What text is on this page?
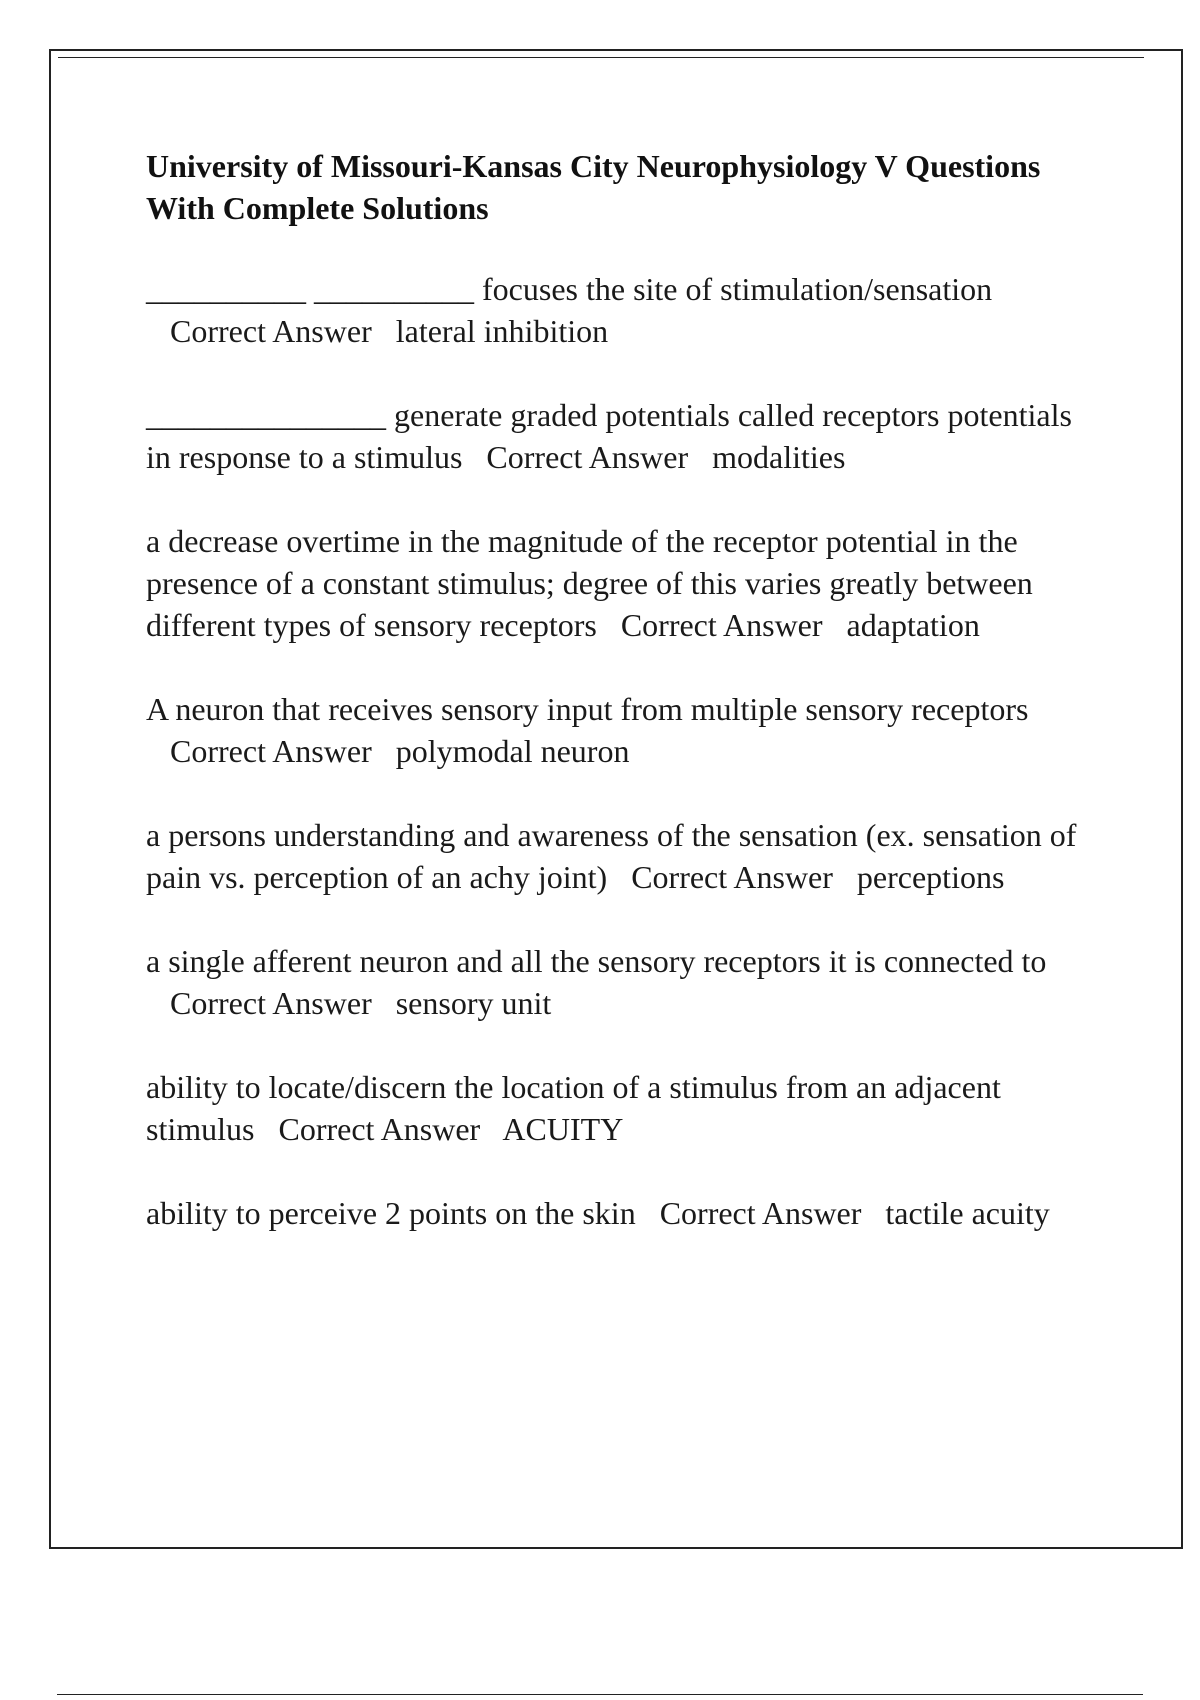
University of Missouri-Kansas City Neurophysiology V Questions With Complete Solutions
__________ __________ focuses the site of stimulation/sensation   Correct Answer lateral inhibition
_______________ generate graded potentials called receptors potentials in response to a stimulus Correct Answer modalities
a decrease overtime in the magnitude of the receptor potential in the presence of a constant stimulus; degree of this varies greatly between different types of sensory receptors Correct Answer adaptation
A neuron that receives sensory input from multiple sensory receptors   Correct Answer polymodal neuron
a persons understanding and awareness of the sensation (ex. sensation of pain vs. perception of an achy joint) Correct Answer perceptions
a single afferent neuron and all the sensory receptors it is connected to   Correct Answer sensory unit
ability to locate/discern the location of a stimulus from an adjacent stimulus Correct Answer ACUITY
ability to perceive 2 points on the skin Correct Answer tactile acuity
